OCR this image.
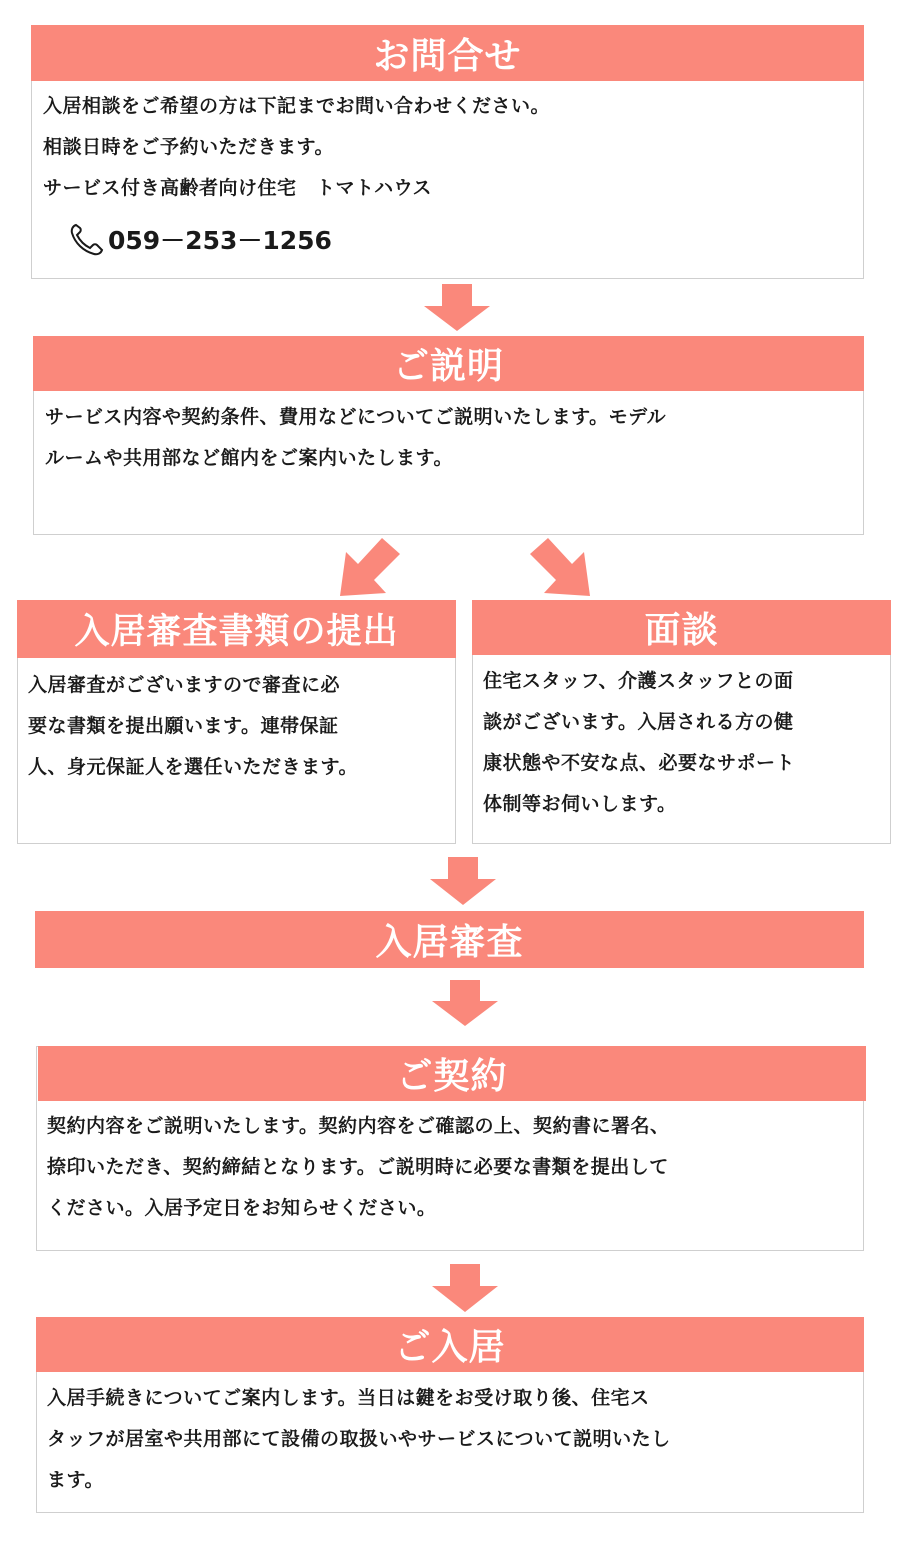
お問合せ
入居相談をご希望の方は下記までお問い合わせください。
相談日時をご予約いただきます。
サービス付き高齢者向け住宅　トマトハウス
059－253－1256
ご説明
サービス内容や契約条件、費用などについてご説明いたします。モデル
ルームや共用部など館内をご案内いたします。
入居審査書類の提出
入居審査がございますので審査に必
要な書類を提出願います。連帯保証
人、身元保証人を選任いただきます。
面談
住宅スタッフ、介護スタッフとの面
談がございます。入居される方の健
康状態や不安な点、必要なサポート
体制等お伺いします。
入居審査
ご契約
契約内容をご説明いたします。契約内容をご確認の上、契約書に署名、
捺印いただき、契約締結となります。ご説明時に必要な書類を提出して
ください。入居予定日をお知らせください。
ご入居
入居手続きについてご案内します。当日は鍵をお受け取り後、住宅ス
タッフが居室や共用部にて設備の取扱いやサービスについて説明いたし
ます。
